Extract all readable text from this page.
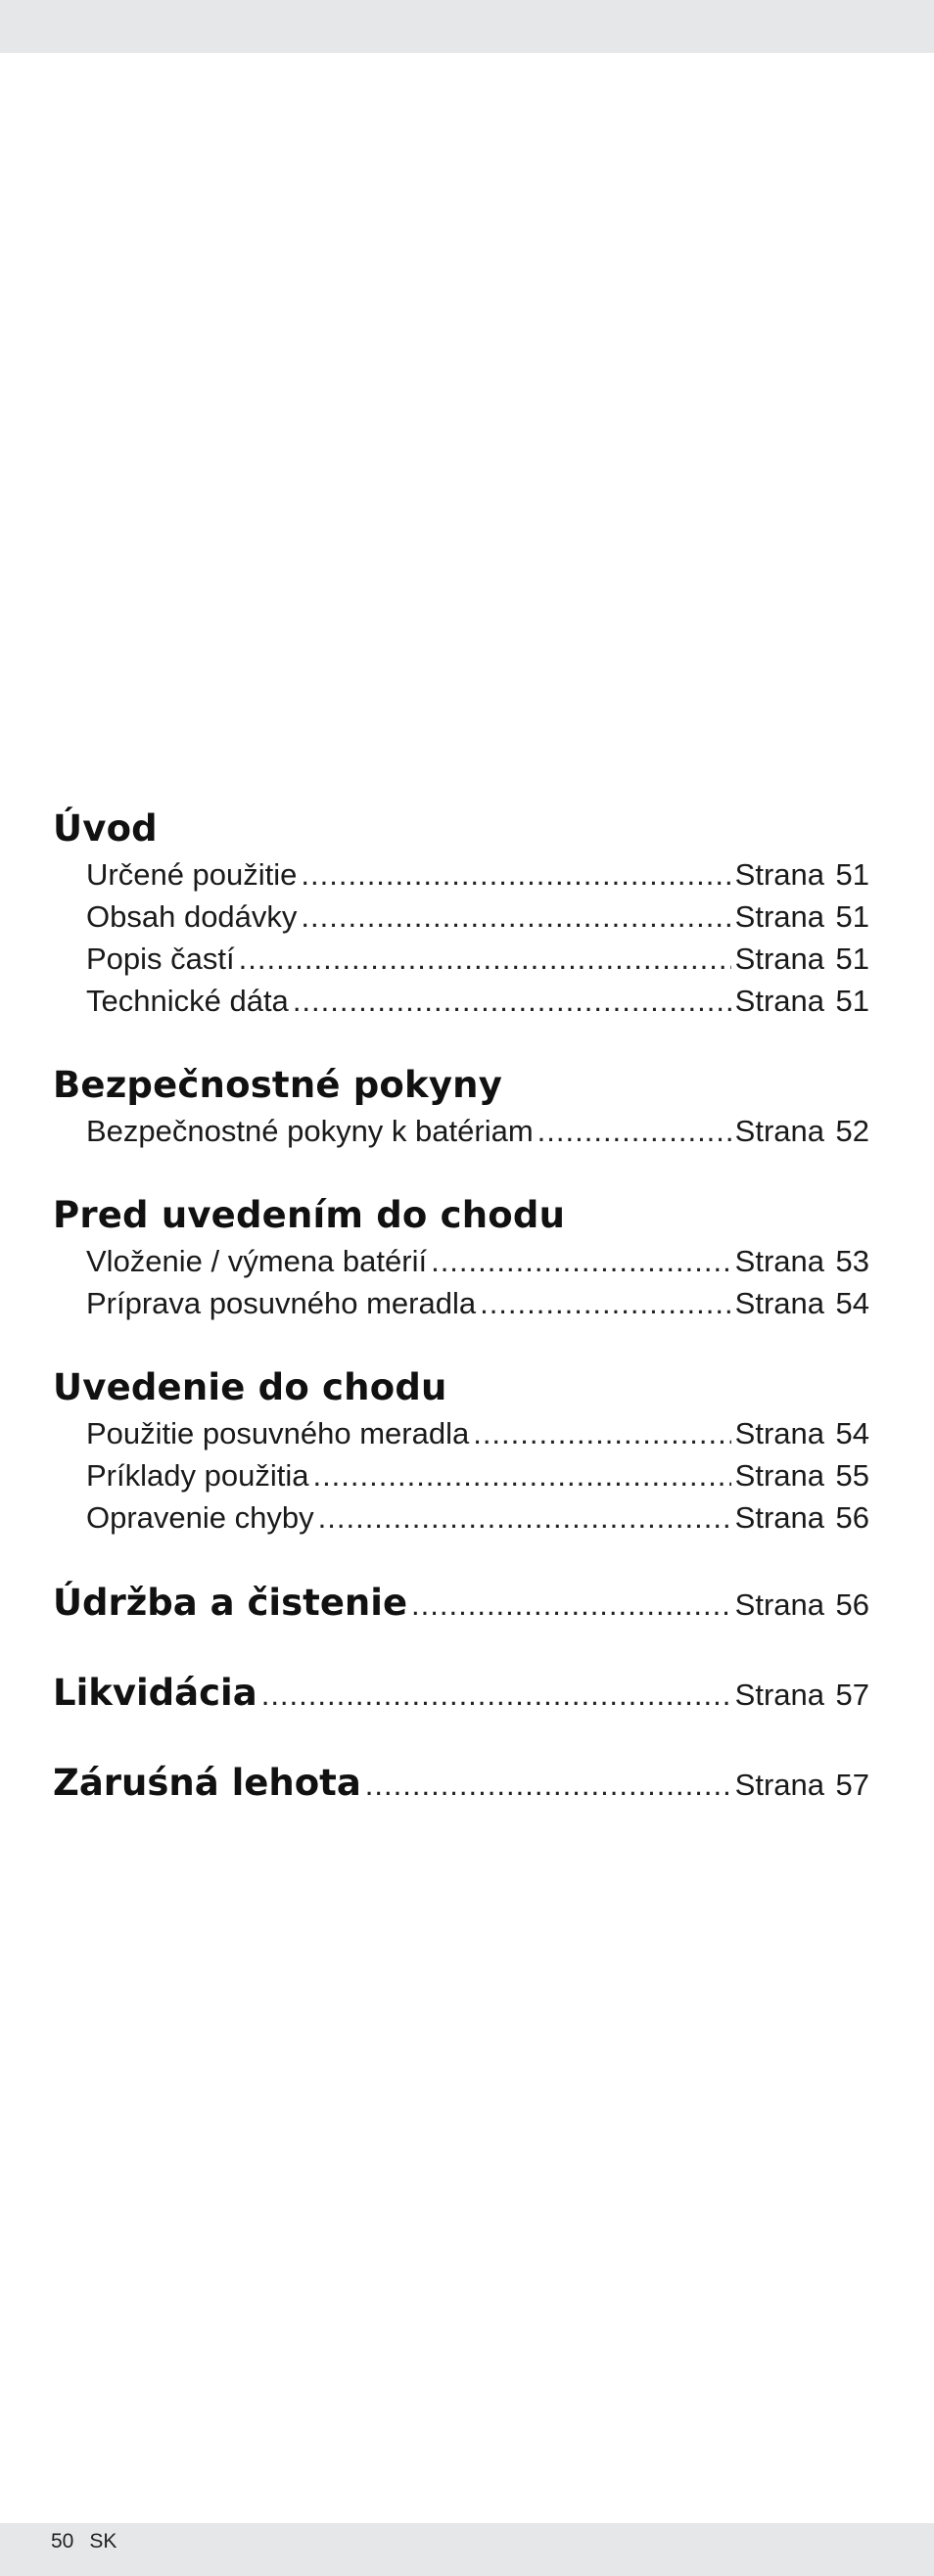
Úvod
Určené použitie .....	Strana 51
Obsah dodávky .....	Strana 51
Popis častí .....	Strana 51
Technické dáta .....	Strana 51
Bezpečnostné pokyny
Bezpečnostné pokyny k batériam .....	Strana 52
Pred uvedením do chodu
Vloženie / výmena batérií .....	Strana 53
Príprava posuvného meradla .....	Strana 54
Uvedenie do chodu
Použitie posuvného meradla .....	Strana 54
Príklady použitia .....	Strana 55
Opravenie chyby .....	Strana 56
Údržba a čistenie .....	Strana 56
Likvidácia .....	Strana 57
Záruśná lehota .....	Strana 57
50 SK
